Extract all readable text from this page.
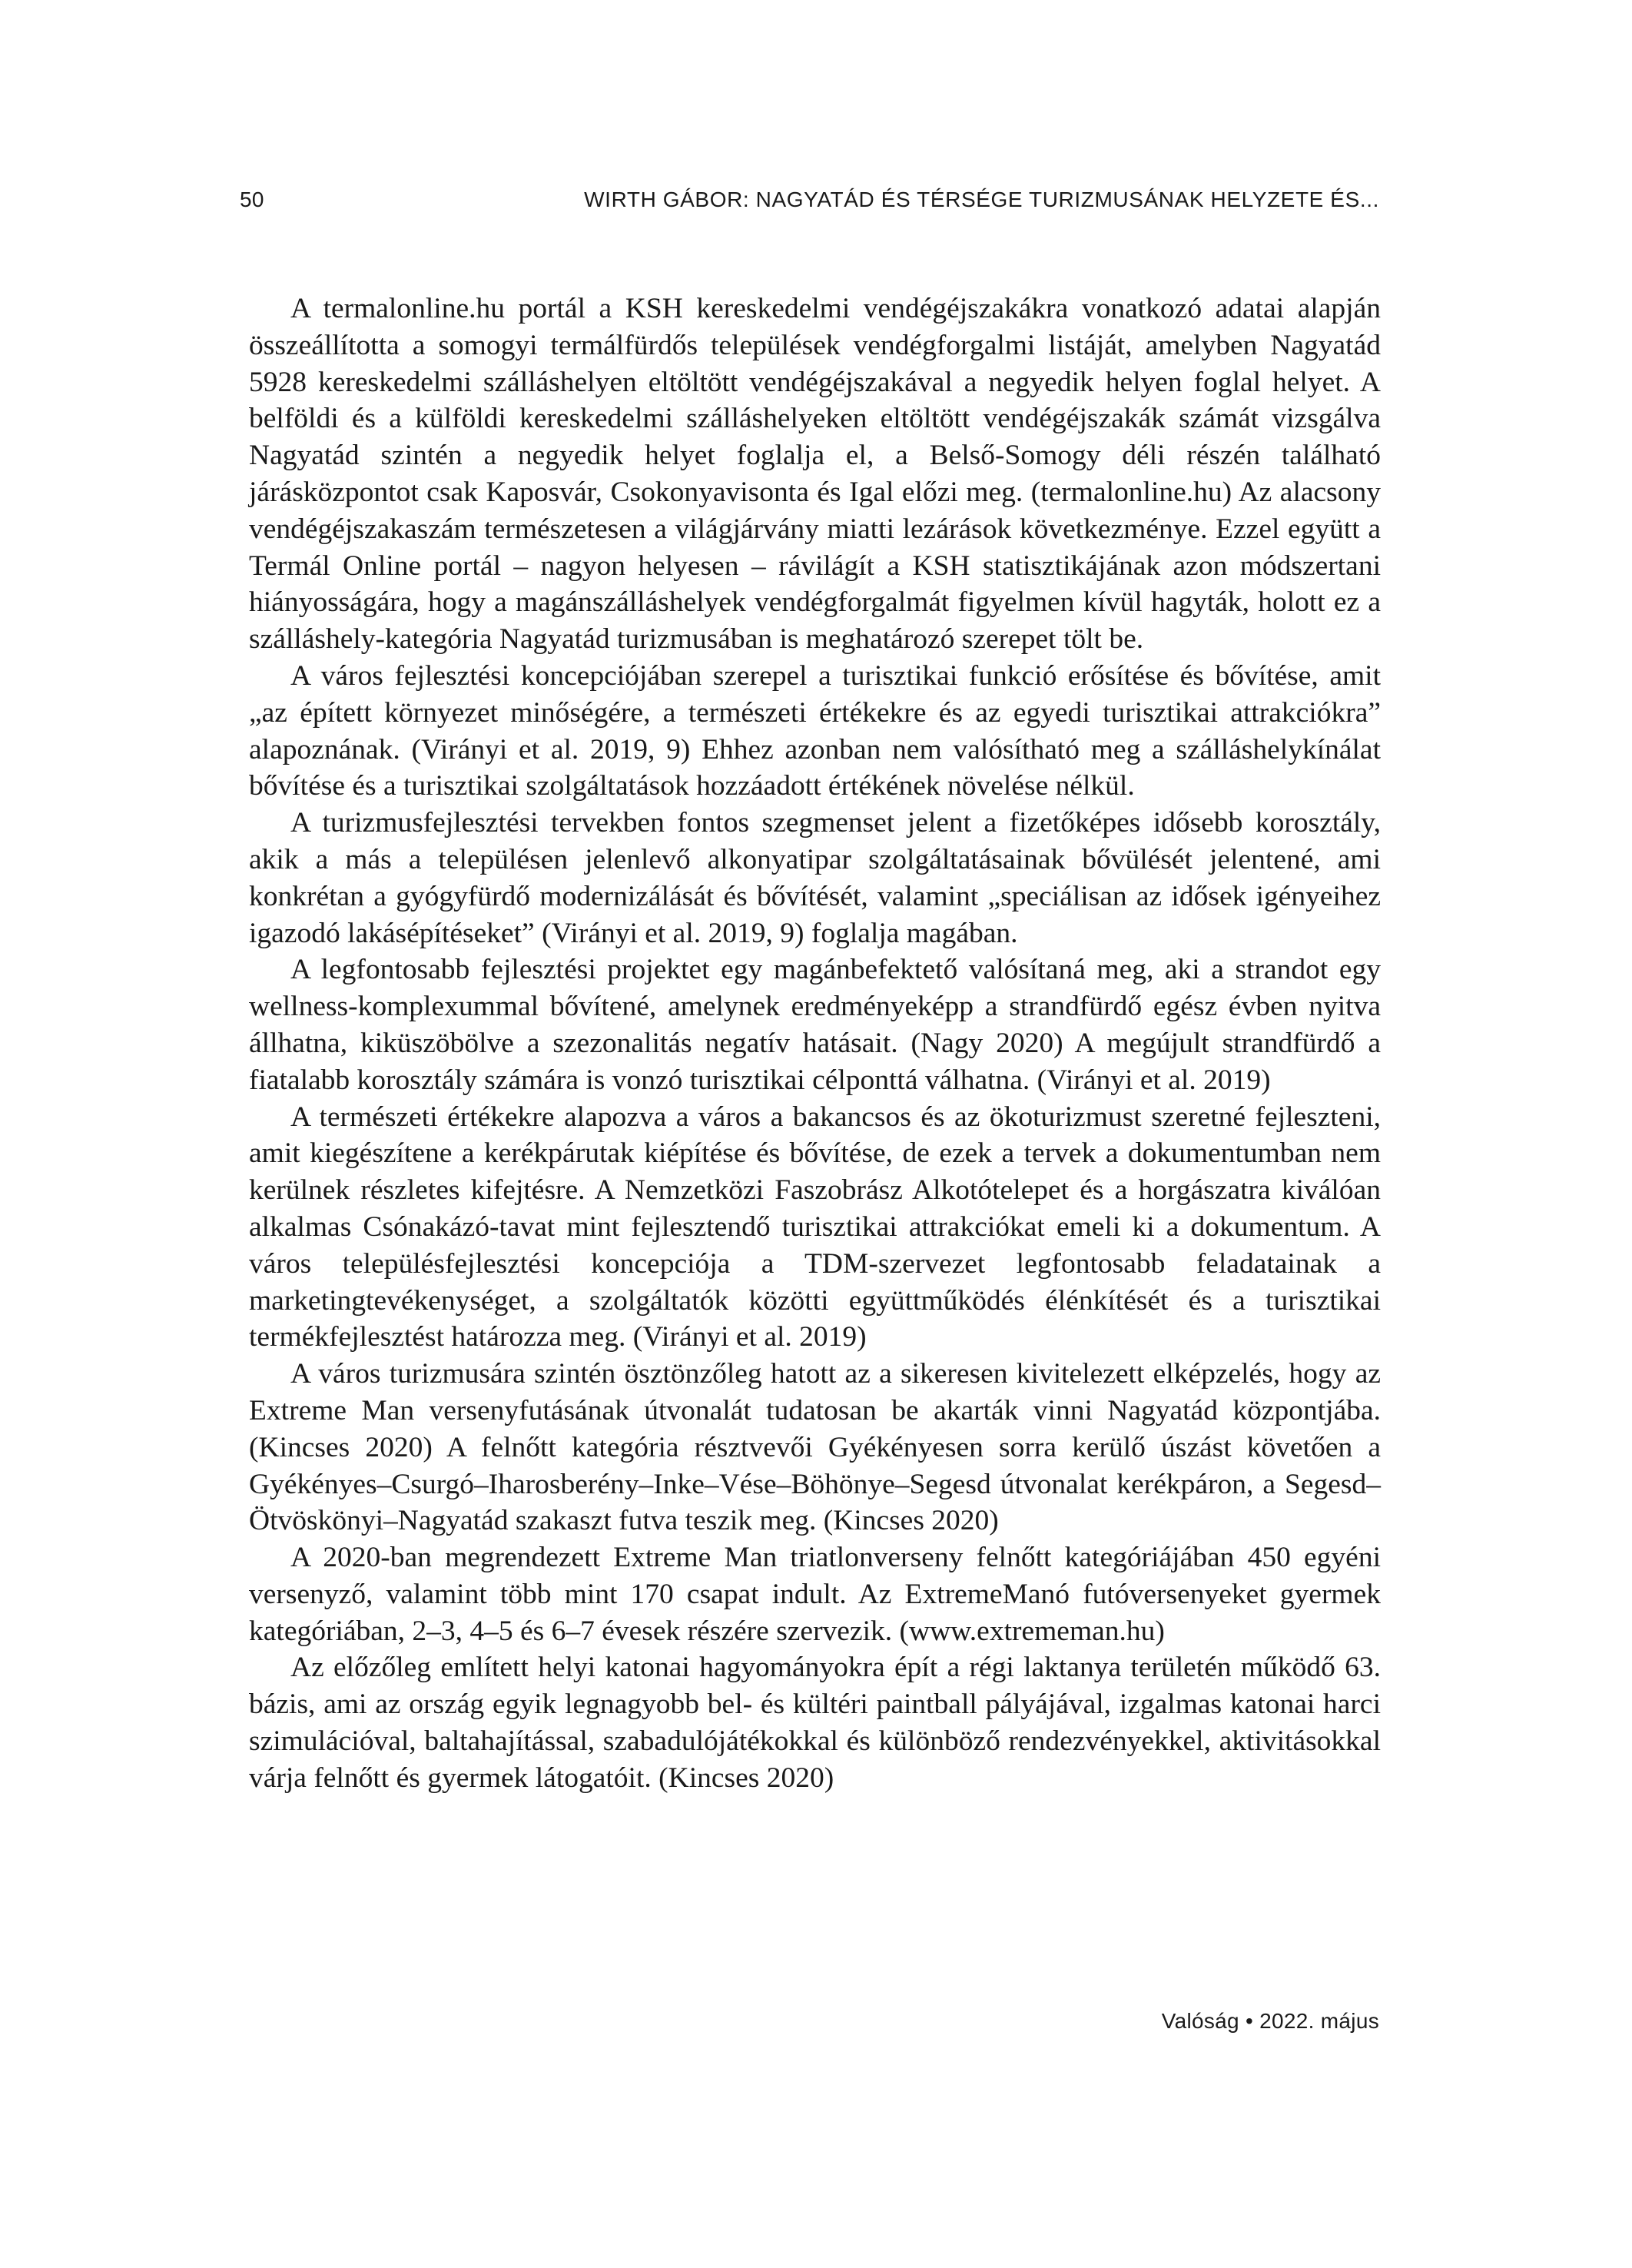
50	WIRTH GÁBOR: NAGYATÁD ÉS TÉRSÉGE TURIZMUSÁNAK HELYZETE ÉS...

A termalonline.hu portál a KSH kereskedelmi vendégéjszakákra vonatkozó adatai alapján összeállította a somogyi termálfürdős települések vendégforgalmi listáját, amelyben Nagyatád 5928 kereskedelmi szálláshelyen eltöltött vendégéjszakával a negyedik helyen foglal helyet. A belföldi és a külföldi kereskedelmi szálláshelyeken eltöltött vendégéjszakák számát vizsgálva Nagyatád szintén a negyedik helyet foglalja el, a Belső-Somogy déli részén található járásközpontot csak Kaposvár, Csokonyavisonta és Igal előzi meg. (termalonline.hu) Az alacsony vendégéjszakaszám természetesen a világjárvány miatti lezárások következménye. Ezzel együtt a Termál Online portál – nagyon helyesen – rávilágít a KSH statisztikájának azon módszertani hiányosságára, hogy a magánszálláshelyek vendégforgalmát figyelmen kívül hagyták, holott ez a szálláshely-kategória Nagyatád turizmusában is meghatározó szerepet tölt be.

A város fejlesztési koncepciójában szerepel a turisztikai funkció erősítése és bővítése, amit „az épített környezet minőségére, a természeti értékekre és az egyedi turisztikai attrakciókra” alapoznának. (Virányi et al. 2019, 9) Ehhez azonban nem valósítható meg a szálláshelykínálat bővítése és a turisztikai szolgáltatások hozzáadott értékének növelése nélkül.

A turizmusfejlesztési tervekben fontos szegmenset jelent a fizetőképes idősebb korosztály, akik a más a településen jelenlevő alkonyatipar szolgáltatásainak bővülését jelentené, ami konkrétan a gyógyfürdő modernizálását és bővítését, valamint „speciálisan az idősek igényeihez igazodó lakásépítéseket” (Virányi et al. 2019, 9) foglalja magában.

A legfontosabb fejlesztési projektet egy magánbefektető valósítaná meg, aki a strandot egy wellness-komplexummal bővítené, amelynek eredményeképp a strandfürdő egész évben nyitva állhatna, kiküszöbölve a szezonalitás negatív hatásait. (Nagy 2020) A megújult strandfürdő a fiatalabb korosztály számára is vonzó turisztikai célponttá válhatna. (Virányi et al. 2019)

A természeti értékekre alapozva a város a bakancsos és az ökoturizmust szeretné fejleszteni, amit kiegészítene a kerékpárutak kiépítése és bővítése, de ezek a tervek a dokumentumban nem kerülnek részletes kifejtésre. A Nemzetközi Faszobrász Alkotótelepet és a horgászatra kiválóan alkalmas Csónakázó-tavat mint fejlesztendő turisztikai attrakciókat emeli ki a dokumentum. A város településfejlesztési koncepciója a TDM-szervezet legfontosabb feladatainak a marketingtevékenységet, a szolgáltatók közötti együttműködés élénkítését és a turisztikai termékfejlesztést határozza meg. (Virányi et al. 2019)

A város turizmusára szintén ösztönzőleg hatott az a sikeresen kivitelezett elképzelés, hogy az Extreme Man versenyfutásának útvonalát tudatosan be akarták vinni Nagyatád központjába. (Kincses 2020) A felnőtt kategória résztvevői Gyékényesen sorra kerülő úszást követően a Gyékényes–Csurgó–Iharosberény–Inke–Vése–Böhönye–Segesd útvonalat kerékpáron, a Segesd–Ötvöskönyi–Nagyatád szakaszt futva teszik meg. (Kincses 2020)

A 2020-ban megrendezett Extreme Man triatlonverseny felnőtt kategóriájában 450 egyéni versenyző, valamint több mint 170 csapat indult. Az ExtremeManó futóversenyeket gyermek kategóriában, 2–3, 4–5 és 6–7 évesek részére szervezik. (www.extrememan.hu)

Az előzőleg említett helyi katonai hagyományokra épít a régi laktanya területén működő 63. bázis, ami az ország egyik legnagyobb bel- és kültéri paintball pályájával, izgalmas katonai harci szimulációval, baltahajítással, szabadulójátékokkal és különböző rendezvényekkel, aktivitásokkal várja felnőtt és gyermek látogatóit. (Kincses 2020)

Valóság • 2022. május
